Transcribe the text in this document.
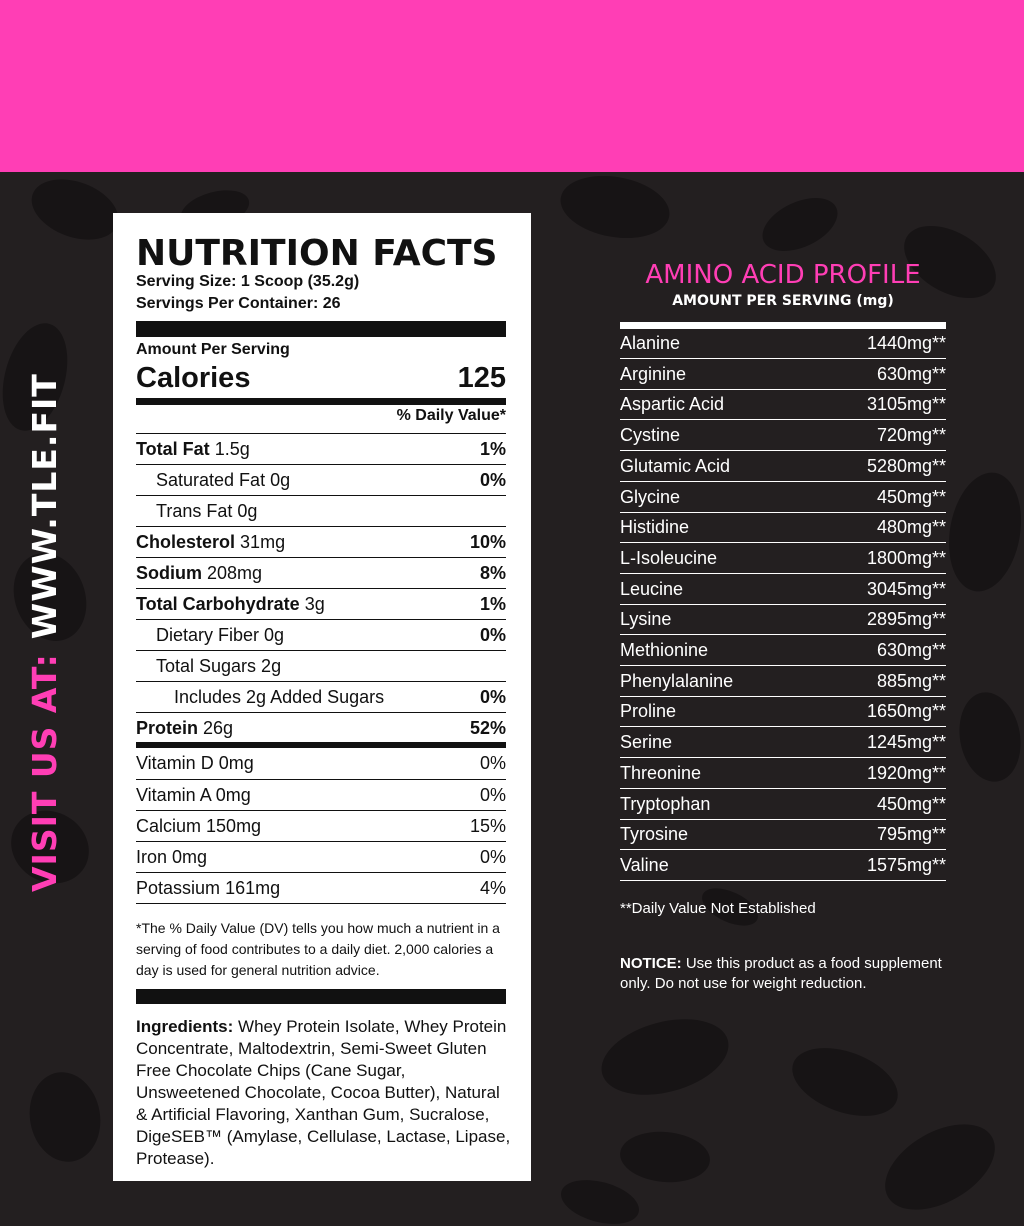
VISIT US AT:WWW.TLE.FIT
NUTRITION FACTS
Serving Size: 1 Scoop (35.2g)
Servings Per Container: 26
Amount Per Serving
Calories	125
% Daily Value*
Total Fat 1.5g	1%
Saturated Fat 0g	0%
Trans Fat 0g
Cholesterol 31mg	10%
Sodium 208mg	8%
Total Carbohydrate 3g	1%
Dietary Fiber 0g	0%
Total Sugars 2g
Includes 2g Added Sugars	0%
Protein 26g	52%
Vitamin D 0mg	0%
Vitamin A 0mg	0%
Calcium 150mg	15%
Iron 0mg	0%
Potassium 161mg	4%
*The % Daily Value (DV) tells you how much a nutrient in a serving of food contributes to a daily diet. 2,000 calories a day is used for general nutrition advice.
Ingredients: Whey Protein Isolate, Whey Protein Concentrate, Maltodextrin, Semi-Sweet Gluten Free Chocolate Chips (Cane Sugar, Unsweetened Chocolate, Cocoa Butter), Natural & Artificial Flavoring, Xanthan Gum, Sucralose, DigeSEB™ (Amylase, Cellulase, Lactase, Lipase, Protease).
AMINO ACID PROFILE
AMOUNT PER SERVING (mg)
Alanine	1440mg**
Arginine	630mg**
Aspartic Acid	3105mg**
Cystine	720mg**
Glutamic Acid	5280mg**
Glycine	450mg**
Histidine	480mg**
L-Isoleucine	1800mg**
Leucine	3045mg**
Lysine	2895mg**
Methionine	630mg**
Phenylalanine	885mg**
Proline	1650mg**
Serine	1245mg**
Threonine	1920mg**
Tryptophan	450mg**
Tyrosine	795mg**
Valine	1575mg**
**Daily Value Not Established
NOTICE: Use this product as a food supplement only. Do not use for weight reduction.
